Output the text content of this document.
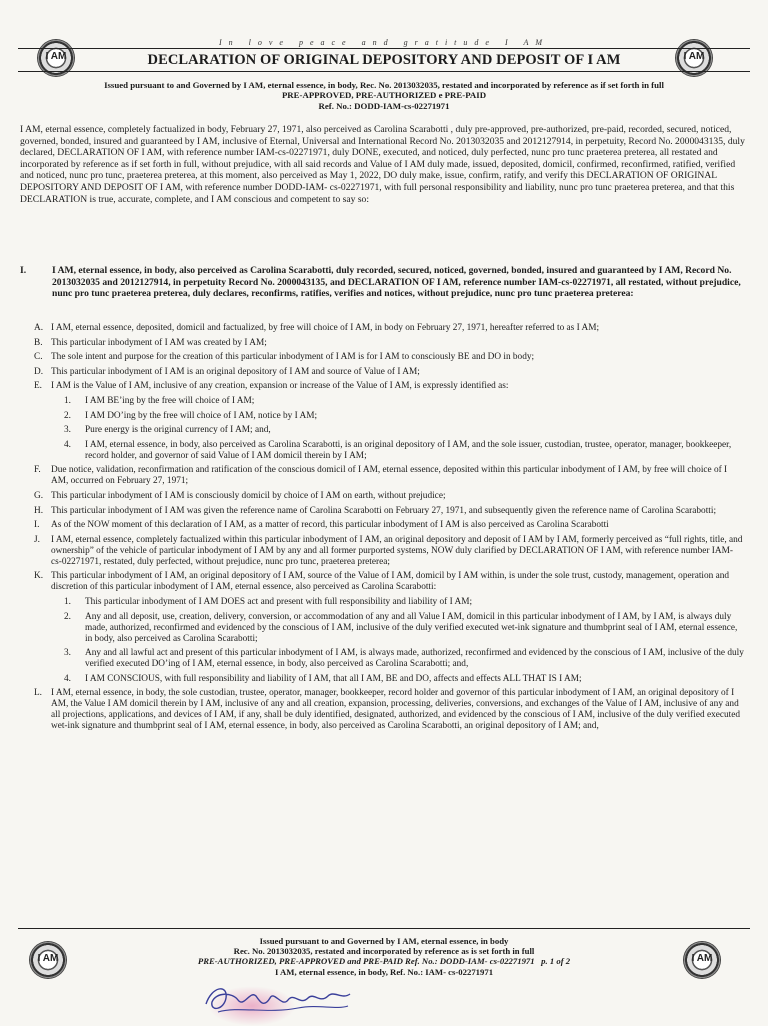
In love peace and gratitude I AM
I AM	I AM
DECLARATION OF ORIGINAL DEPOSITORY AND DEPOSIT OF I AM
Issued pursuant to and Governed by I AM, eternal essence, in body, Rec. No. 2013032035, restated and incorporated by reference as if set forth in full
PRE-APPROVED, PRE-AUTHORIZED e PRE-PAID
Ref. No.: DODD-IAM-cs-02271971
I AM, eternal essence, completely factualized in body, February 27, 1971, also perceived as Carolina Scarabotti , duly pre-approved, pre-authorized, pre-paid, recorded, secured, noticed, governed, bonded, insured and guaranteed by I AM, inclusive of Eternal, Universal and International Record No. 2013032035 and 2012127914, in perpetuity, Record No. 2000043135, duly declared, DECLARATION OF I AM, with reference number IAM-cs-02271971, duly DONE, executed, and noticed, duly perfected, nunc pro tunc praeterea preterea, all restated and incorporated by reference as if set forth in full, without prejudice, with all said records and Value of I AM duly made, issued, deposited, domicil, confirmed, reconfirmed, ratified, verified and noticed, nunc pro tunc, praeterea preterea, at this moment, also perceived as May 1, 2022, DO duly make, issue, confirm, ratify, and verify this DECLARATION OF ORIGINAL DEPOSITORY AND DEPOSIT OF I AM, with reference number DODD-IAM- cs-02271971, with full personal responsibility and liability, nunc pro tunc praeterea preterea, and that this DECLARATION is true, accurate, complete, and I AM conscious and competent to say so:
I.	I AM, eternal essence, in body, also perceived as Carolina Scarabotti, duly recorded, secured, noticed, governed, bonded, insured and guaranteed by I AM, Record No. 2013032035 and 2012127914, in perpetuity Record No. 2000043135, and DECLARATION OF I AM, reference number IAM-cs-02271971, all restated, without prejudice, nunc pro tunc praeterea preterea, duly declares, reconfirms, ratifies, verifies and notices, without prejudice, nunc pro tunc praeterea preterea:
A. I AM, eternal essence, deposited, domicil and factualized, by free will choice of I AM, in body on February 27, 1971, hereafter referred to as I AM;
B. This particular inbodyment of I AM was created by I AM;
C. The sole intent and purpose for the creation of this particular inbodyment of I AM is for I AM to consciously BE and DO in body;
D. This particular inbodyment of I AM is an original depository of I AM and source of Value of I AM;
E. I AM is the Value of I AM, inclusive of any creation, expansion or increase of the Value of I AM, is expressly identified as:
1. I AM BE’ing by the free will choice of I AM;
2. I AM DO’ing by the free will choice of I AM, notice by I AM;
3. Pure energy is the original currency of I AM; and,
4. I AM, eternal essence, in body, also perceived as Carolina Scarabotti, is an original depository of I AM, and the sole issuer, custodian, trustee, operator, manager, bookkeeper, record holder, and governor of said Value of I AM domicil therein by I AM;
F. Due notice, validation, reconfirmation and ratification of the conscious domicil of I AM, eternal essence, deposited within this particular inbodyment of I AM, by free will choice of I AM, occurred on February 27, 1971;
G. This particular inbodyment of I AM is consciously domicil by choice of I AM on earth, without prejudice;
H. This particular inbodyment of I AM was given the reference name of Carolina Scarabotti on February 27, 1971, and subsequently given the reference name of Carolina Scarabotti;
I. As of the NOW moment of this declaration of I AM, as a matter of record, this particular inbodyment of I AM is also perceived as Carolina Scarabotti
J. I AM, eternal essence, completely factualized within this particular inbodyment of I AM, an original depository and deposit of I AM by I AM, formerly perceived as “full rights, title, and ownership” of the vehicle of particular inbodyment of I AM by any and all former purported systems, NOW duly clarified by DECLARATION OF I AM, with reference number IAM- cs-02271971, restated, duly perfected, without prejudice, nunc pro tunc, praeterea preterea;
K. This particular inbodyment of I AM, an original depository of I AM, source of the Value of I AM, domicil by I AM within, is under the sole trust, custody, management, operation and discretion of this particular inbodyment of I AM, eternal essence, also perceived as Carolina Scarabotti:
1. This particular inbodyment of I AM DOES act and present with full responsibility and liability of I AM;
2. Any and all deposit, use, creation, delivery, conversion, or accommodation of any and all Value I AM, domicil in this particular inbodyment of I AM, by I AM, is always duly made, authorized, reconfirmed and evidenced by the conscious of I AM, inclusive of the duly verified executed wet-ink signature and thumbprint seal of I AM, eternal essence, in body, also perceived as Carolina Scarabotti;
3. Any and all lawful act and present of this particular inbodyment of I AM, is always made, authorized, reconfirmed and evidenced by the conscious of I AM, inclusive of the duly verified executed DO’ing of I AM, eternal essence, in body, also perceived as Carolina Scarabotti; and,
4. I AM CONSCIOUS, with full responsibility and liability of I AM, that all I AM, BE and DO, affects and effects ALL THAT IS I AM;
L. I AM, eternal essence, in body, the sole custodian, trustee, operator, manager, bookkeeper, record holder and governor of this particular inbodyment of I AM, an original depository of I AM, the Value I AM domicil therein by I AM, inclusive of any and all creation, expansion, processing, deliveries, conversions, and exchanges of the Value of I AM, inclusive of any and all projections, applications, and devices of I AM, if any, shall be duly identified, designated, authorized, and evidenced by the conscious of I AM, inclusive of the duly verified executed wet-ink signature and thumbprint seal of I AM, eternal essence, in body, also perceived as Carolina Scarabotti, an original depository of I AM; and,
I AM	I AM
Issued pursuant to and Governed by I AM, eternal essence, in body
Rec. No. 2013032035, restated and incorporated by reference as is set forth in full
PRE-AUTHORIZED, PRE-APPROVED and PRE-PAID Ref. No.: DODD-IAM- cs-02271971 p. 1 of 2
I AM, eternal essence, in body, Ref. No.: IAM- cs-02271971
